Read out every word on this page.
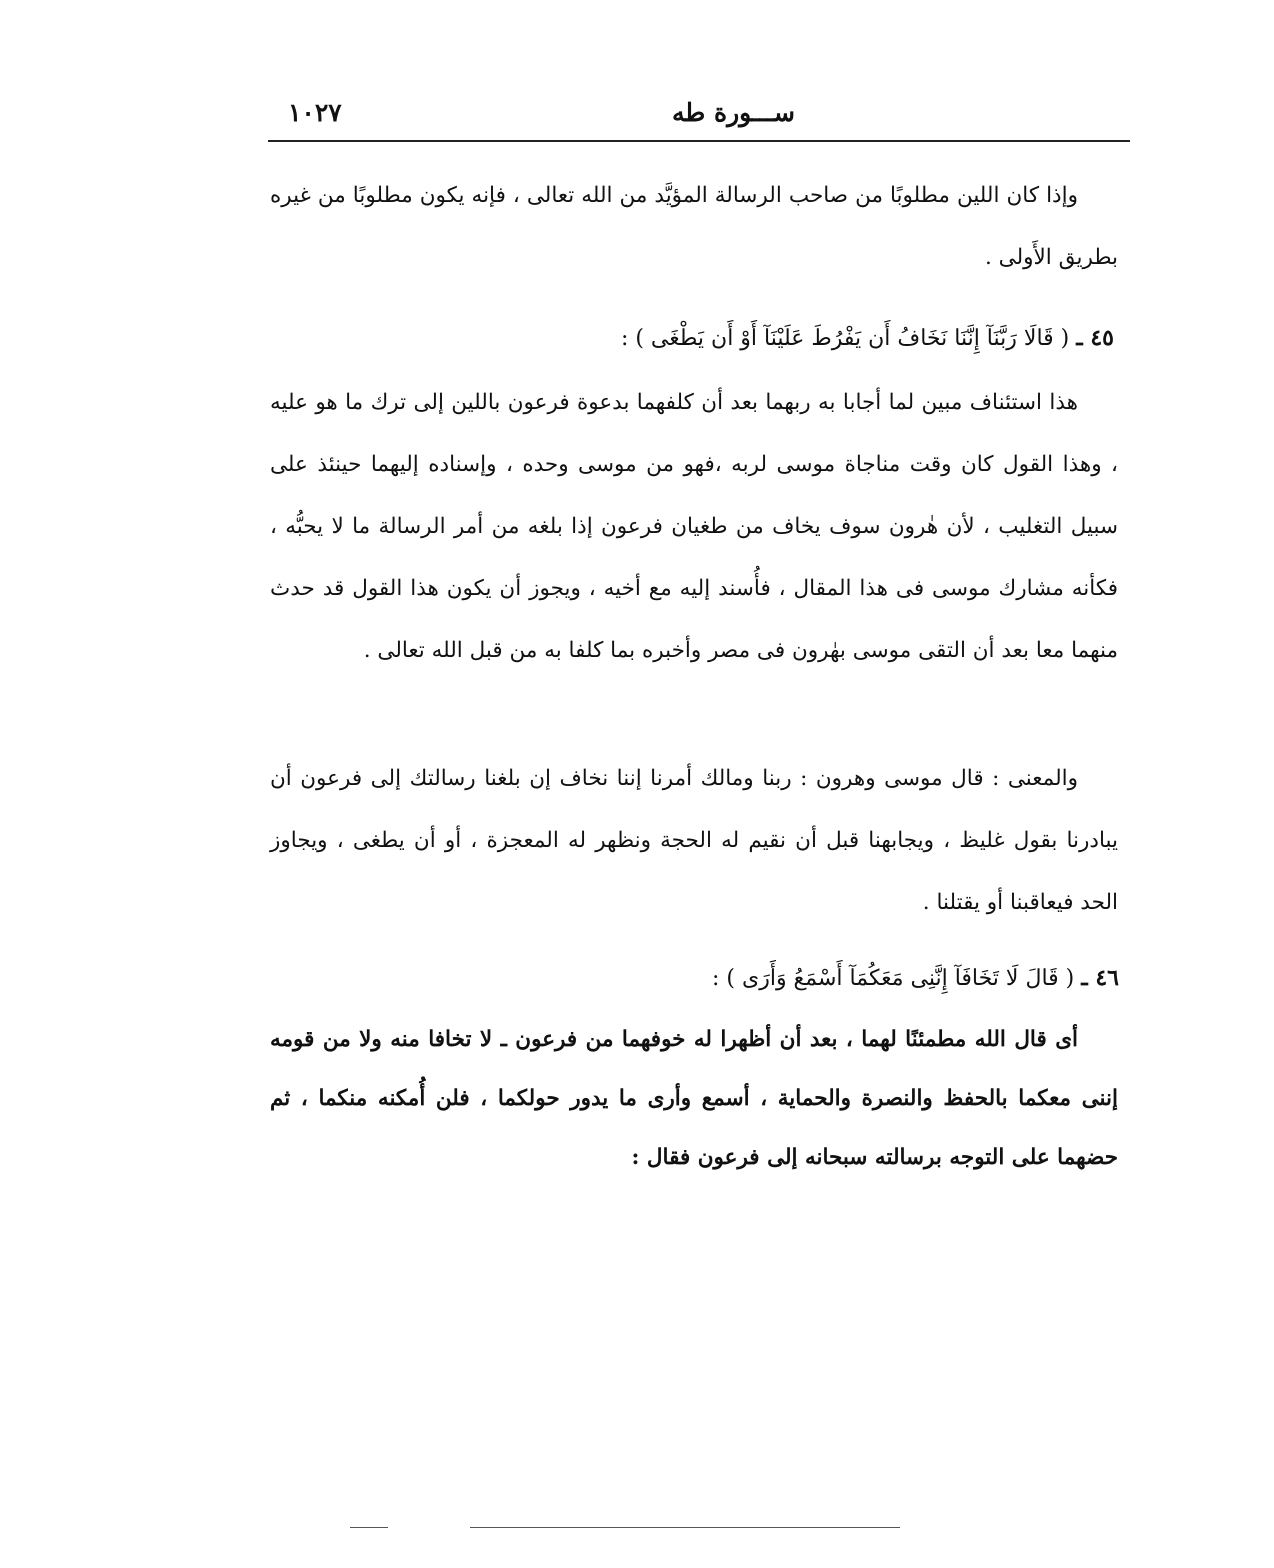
ســـورة طه
١٠٢٧

وإذا كان اللين مطلوبًا من صاحب الرسالة المؤيَّد من الله تعالى ، فإنه يكون مطلوبًا من غيره بطريق الأَولى .

٤٥ ـ ( قَالَا رَبَّنَآ إِنَّنَا نَخَافُ أَن يَفْرُطَ عَلَيْنَآ أَوْ أَن يَطْغَى ) :

هذا استئناف مبين لما أجابا به ربهما بعد أن كلفهما بدعوة فرعون باللين إلى ترك ما هو عليه ، وهذا القول كان وقت مناجاة موسى لربه ،فهو من موسى وحده ، وإسناده إليهما حينئذ على سبيل التغليب ، لأن هٰرون سوف يخاف من طغيان فرعون إذا بلغه من أمر الرسالة ما لا يحبُّه ، فكأنه مشارك موسى فى هذا المقال ، فأُسند إليه مع أخيه ، ويجوز أن يكون هذا القول قد حدث منهما معا بعد أن التقى موسى بهٰرون فى مصر وأخبره بما كلفا به من قبل الله تعالى .

والمعنى : قال موسى وهرون : ربنا ومالك أمرنا إننا نخاف إن بلغنا رسالتك إلى فرعون أن يبادرنا بقول غليظ ، ويجابهنا قبل أن نقيم له الحجة ونظهر له المعجزة ، أو أن يطغى ، ويجاوز الحد فيعاقبنا أو يقتلنا .

٤٦ ـ ( قَالَ لَا تَخَافَآ إِنَّنِى مَعَكُمَآ أَسْمَعُ وَأَرَى ) :

أى قال الله مطمئنًا لهما ، بعد أن أظهرا له خوفهما من فرعون ـ لا تخافا منه ولا من قومه إننى معكما بالحفظ والنصرة والحماية ، أسمع وأرى ما يدور حولكما ، فلن أُمكنه منكما ، ثم حضهما على التوجه برسالته سبحانه إلى فرعون فقال :
